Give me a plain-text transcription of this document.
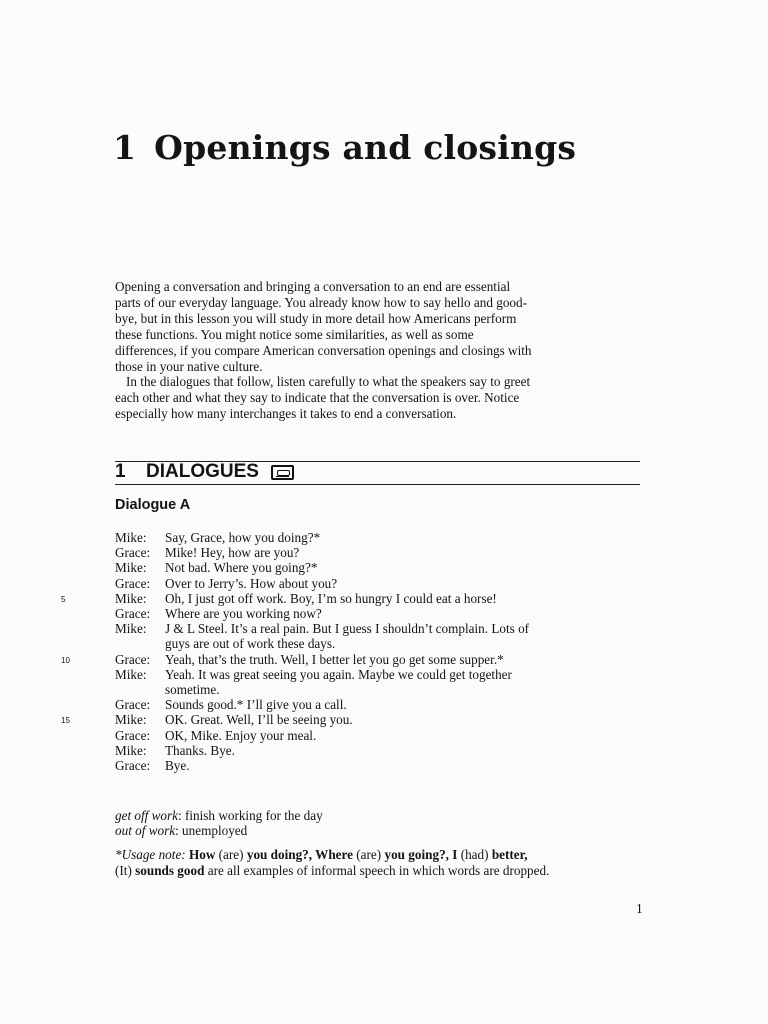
1 Openings and closings

Opening a conversation and bringing a conversation to an end are essential parts of our everyday language. You already know how to say hello and good-bye, but in this lesson you will study in more detail how Americans perform these functions. You might notice some similarities, as well as some differences, if you compare American conversation openings and closings with those in your native culture.

In the dialogues that follow, listen carefully to what the speakers say to greet each other and what they say to indicate that the conversation is over. Notice especially how many interchanges it takes to end a conversation.

1	DIALOGUES
Dialogue A
Mike:	Say, Grace, how you doing?*
Grace:	Mike! Hey, how are you?
Mike:	Not bad. Where you going?*
Grace:	Over to Jerry’s. How about you?
5	Mike:	Oh, I just got off work. Boy, I’m so hungry I could eat a horse!
Grace:	Where are you working now?
Mike:	J & L Steel. It’s a real pain. But I guess I shouldn’t complain. Lots of guys are out of work these days.
10	Grace:	Yeah, that’s the truth. Well, I better let you go get some supper.*
Mike:	Yeah. It was great seeing you again. Maybe we could get together sometime.
Grace:	Sounds good.* I’ll give you a call.
15	Mike:	OK. Great. Well, I’ll be seeing you.
Grace:	OK, Mike. Enjoy your meal.
Mike:	Thanks. Bye.
Grace:	Bye.

get off work: finish working for the day

out of work: unemployed

*Usage note: How (are) you doing?, Where (are) you going?, I (had) better,
(It) sounds good are all examples of informal speech in which words are dropped.

1
